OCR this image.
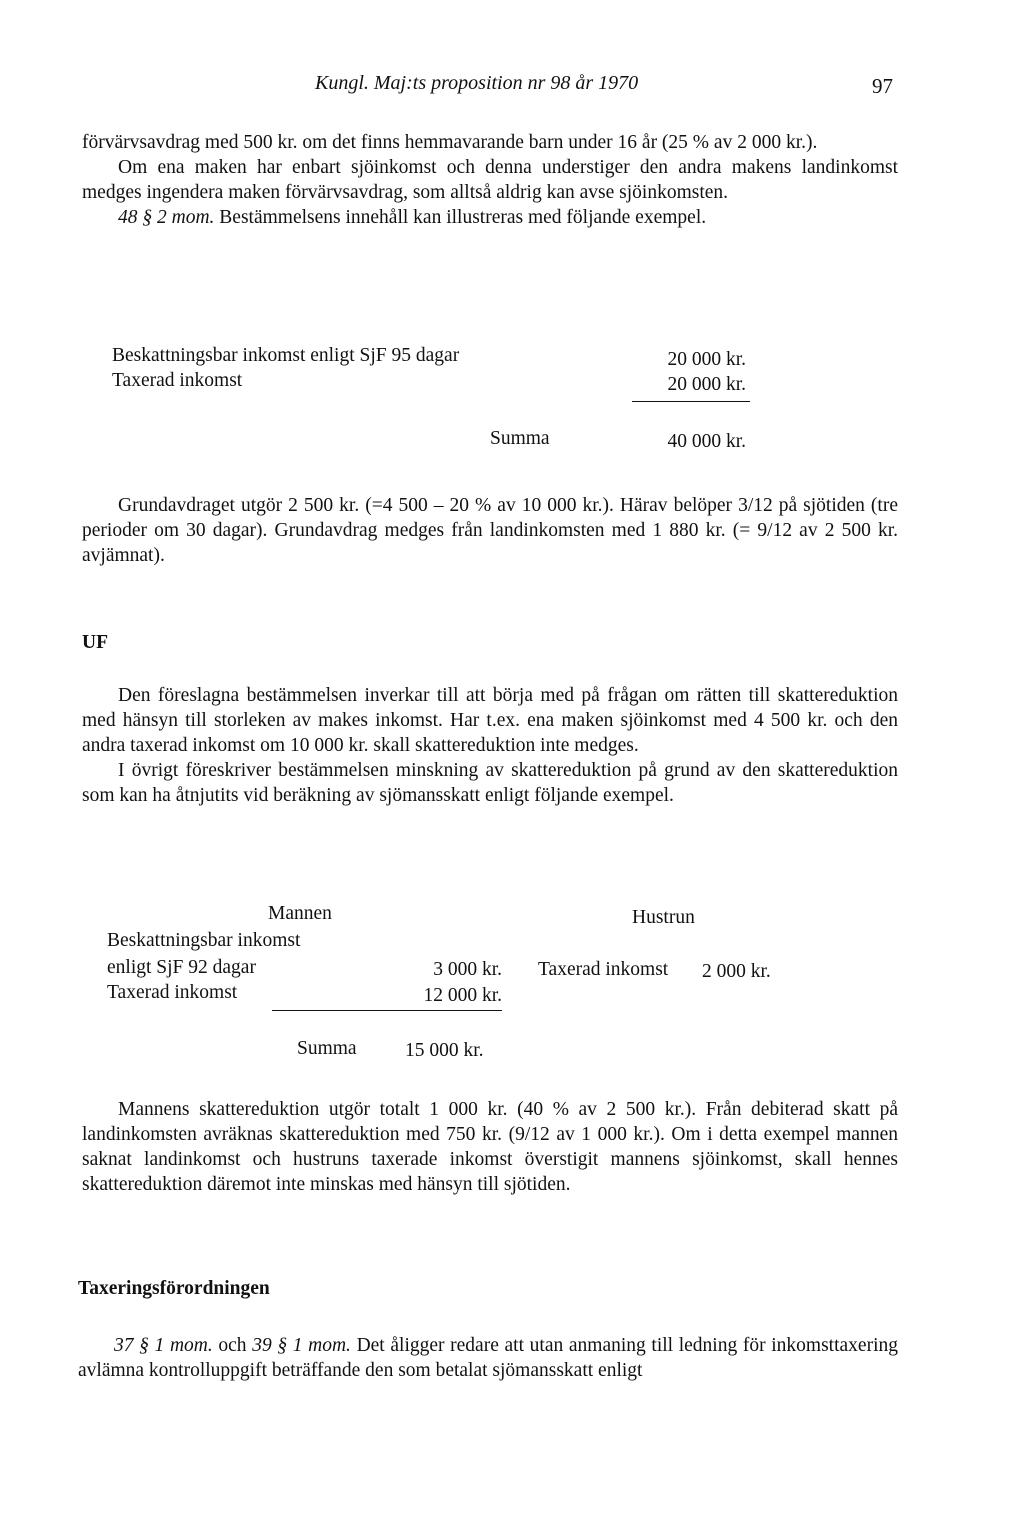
Kungl. Maj:ts proposition nr 98 år 1970	97

förvärvsavdrag med 500 kr. om det finns hemmavarande barn under 16 år (25 % av 2 000 kr.).

Om ena maken har enbart sjöinkomst och denna understiger den andra makens landinkomst medges ingendera maken förvärvsavdrag, som alltså aldrig kan avse sjöinkomsten.

48 § 2 mom. Bestämmelsens innehåll kan illustreras med följande exempel.

Beskattningsbar inkomst enligt SjF 95 dagar	20 000 kr.
Taxerad inkomst	20 000 kr.
Summa	40 000 kr.

Grundavdraget utgör 2 500 kr. (=4 500 – 20 % av 10 000 kr.). Härav belöper 3/12 på sjötiden (tre perioder om 30 dagar). Grundavdrag medges från landinkomsten med 1 880 kr. (= 9/12 av 2 500 kr. avjämnat).

UF

Den föreslagna bestämmelsen inverkar till att börja med på frågan om rätten till skattereduktion med hänsyn till storleken av makes inkomst. Har t.ex. ena maken sjöinkomst med 4 500 kr. och den andra taxerad inkomst om 10 000 kr. skall skattereduktion inte medges.

I övrigt föreskriver bestämmelsen minskning av skattereduktion på grund av den skattereduktion som kan ha åtnjutits vid beräkning av sjömansskatt enligt följande exempel.

Mannen	Hustrun
Beskattningsbar inkomst
enligt SjF 92 dagar	3 000 kr. Taxerad inkomst 2 000 kr.
Taxerad inkomst	12 000 kr.
Summa 15 000 kr.

Mannens skattereduktion utgör totalt 1 000 kr. (40 % av 2 500 kr.). Från debiterad skatt på landinkomsten avräknas skattereduktion med 750 kr. (9/12 av 1 000 kr.). Om i detta exempel mannen saknat landinkomst och hustruns taxerade inkomst överstigit mannens sjöinkomst, skall hennes skattereduktion däremot inte minskas med hänsyn till sjötiden.

Taxeringsförordningen

37 § 1 mom. och 39 § 1 mom. Det åligger redare att utan anmaning till ledning för inkomsttaxering avlämna kontrolluppgift beträffande den som betalat sjömansskatt enligt
